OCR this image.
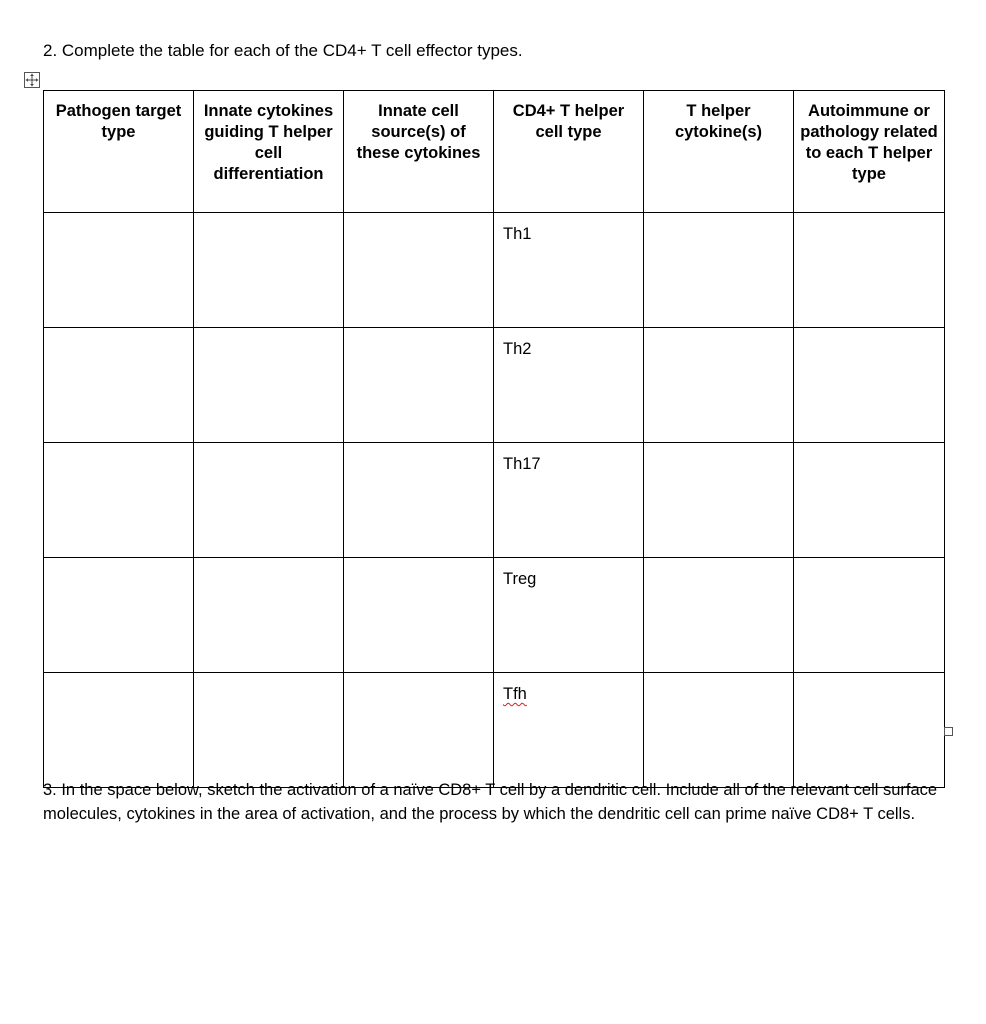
2. Complete the table for each of the CD4+ T cell effector types.

Pathogen target type	Innate cytokines guiding T helper cell differentiation	Innate cell source(s) of these cytokines	CD4+ T helper cell type	T helper cytokine(s)	Autoimmune or pathology related to each T helper type
			Th1		
			Th2		
			Th17		
			Treg		
			Tfh		

3. In the space below, sketch the activation of a naïve CD8+ T cell by a dendritic cell. Include all of the relevant cell surface molecules, cytokines in the area of activation, and the process by which the dendritic cell can prime naïve CD8+ T cells.
